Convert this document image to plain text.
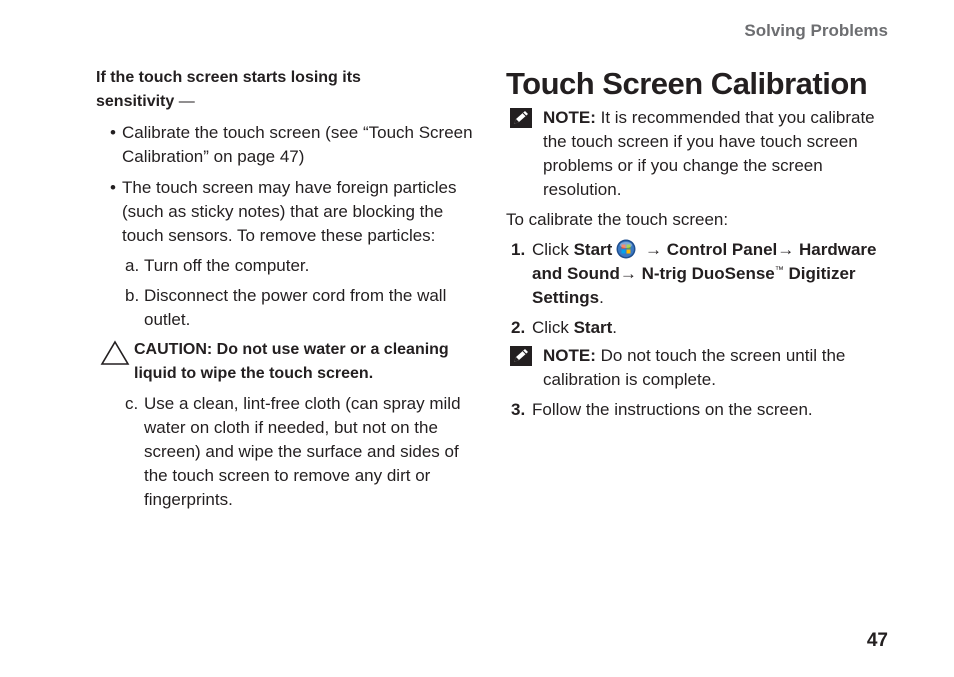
Solving Problems
If the touch screen starts losing its sensitivity —
• Calibrate the touch screen (see “Touch Screen Calibration” on page 47)
• The touch screen may have foreign particles (such as sticky notes) that are blocking the touch sensors. To remove these particles:
a. Turn off the computer.
b. Disconnect the power cord from the wall outlet.
CAUTION: Do not use water or a cleaning liquid to wipe the touch screen.
c. Use a clean, lint-free cloth (can spray mild water on cloth if needed, but not on the screen) and wipe the surface and sides of the touch screen to remove any dirt or fingerprints.
Touch Screen Calibration
NOTE: It is recommended that you calibrate the touch screen if you have touch screen problems or if you change the screen resolution.
To calibrate the touch screen:
1. Click Start → Control Panel→ Hardware and Sound→ N-trig DuoSense™ Digitizer Settings.
2. Click Start.
NOTE: Do not touch the screen until the calibration is complete.
3. Follow the instructions on the screen.
47
